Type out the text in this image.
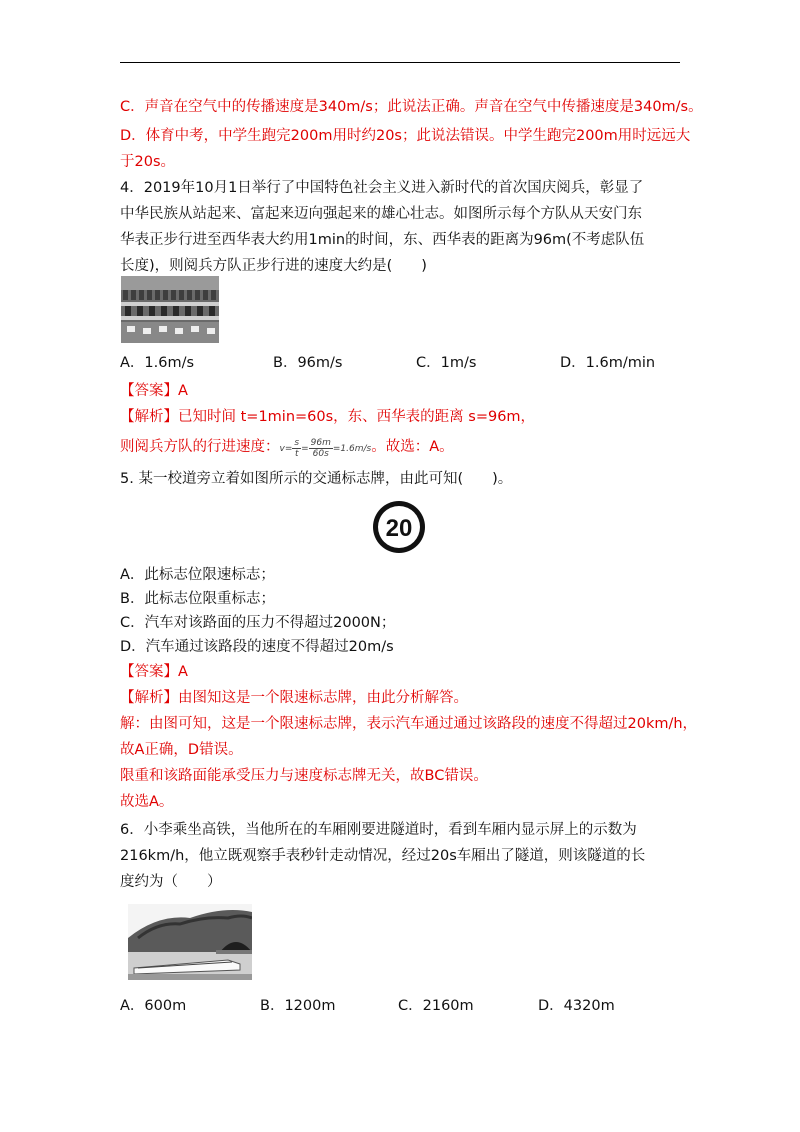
C．声音在空气中的传播速度是340m/s；此说法正确。声音在空气中传播速度是340m/s。
D．体育中考，中学生跑完200m用时约20s；此说法错误。中学生跑完200m用时远远大
于20s。
4．2019年10月1日举行了中国特色社会主义进入新时代的首次国庆阅兵，彰显了
中华民族从站起来、富起来迈向强起来的雄心壮志。如图所示每个方队从天安门东
华表正步行进至西华表大约用1min的时间，东、西华表的距离为96m(不考虑队伍
长度)，则阅兵方队正步行进的速度大约是(　　)
A．1.6m/s	B．96m/s	C．1m/s	D．1.6m/min
【答案】A
【解析】已知时间 t=1min=60s，东、西华表的距离 s=96m，
则阅兵方队的行进速度：$v= \frac{s}{t} = \frac{96m}{60s} =1.6m/s$。故选：A。
5. 某一校道旁立着如图所示的交通标志牌，由此可知(　　)。
20
A．此标志位限速标志；
B．此标志位限重标志；
C．汽车对该路面的压力不得超过2000N；
D．汽车通过该路段的速度不得超过20m/s
【答案】A
【解析】由图知这是一个限速标志牌，由此分析解答。
解：由图可知，这是一个限速标志牌，表示汽车通过通过该路段的速度不得超过20km/h，
故A正确，D错误。
限重和该路面能承受压力与速度标志牌无关，故BC错误。
故选A。
6．小李乘坐高铁，当他所在的车厢刚要进隧道时，看到车厢内显示屏上的示数为
216km/h，他立既观察手表秒针走动情况，经过20s车厢出了隧道，则该隧道的长
度约为（　　）
A．600m	B．1200m	C．2160m	D．4320m
